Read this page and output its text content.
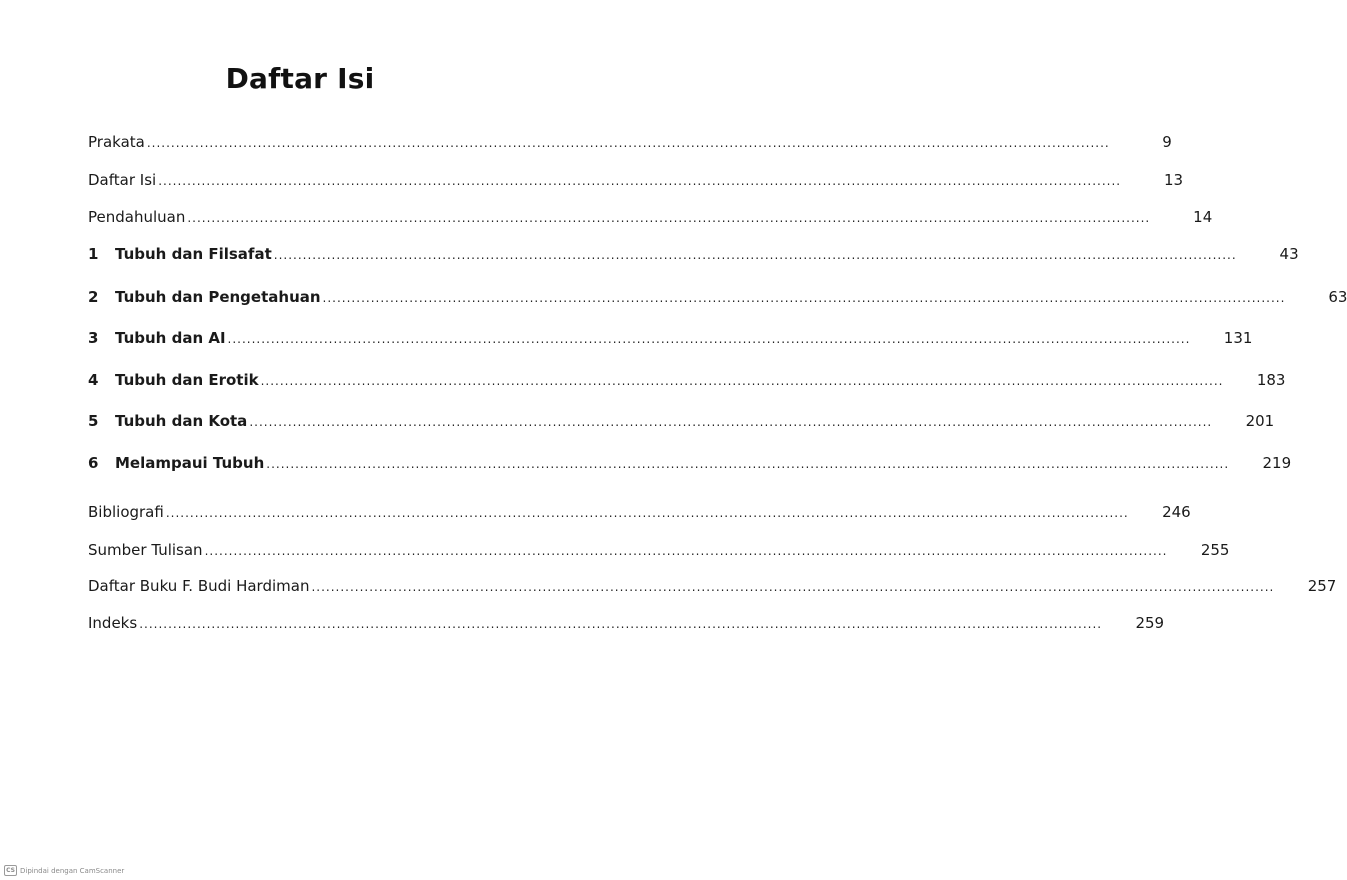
Daftar Isi
Prakata ........................................................................................................................................................................................................	9
Daftar Isi ........................................................................................................................................................................................................	13
Pendahuluan ........................................................................................................................................................................................................	14
1	Tubuh dan Filsafat ........................................................................................................................................................................................................	43
2	Tubuh dan Pengetahuan ........................................................................................................................................................................................................	63
3	Tubuh dan AI ........................................................................................................................................................................................................	131
4	Tubuh dan Erotik ........................................................................................................................................................................................................	183
5	Tubuh dan Kota ........................................................................................................................................................................................................	201
6	Melampaui Tubuh ........................................................................................................................................................................................................	219
Bibliografi ........................................................................................................................................................................................................	246
Sumber Tulisan ........................................................................................................................................................................................................	255
Daftar Buku F. Budi Hardiman ........................................................................................................................................................................................................	257
Indeks ........................................................................................................................................................................................................	259
CS Dipindai dengan CamScanner
